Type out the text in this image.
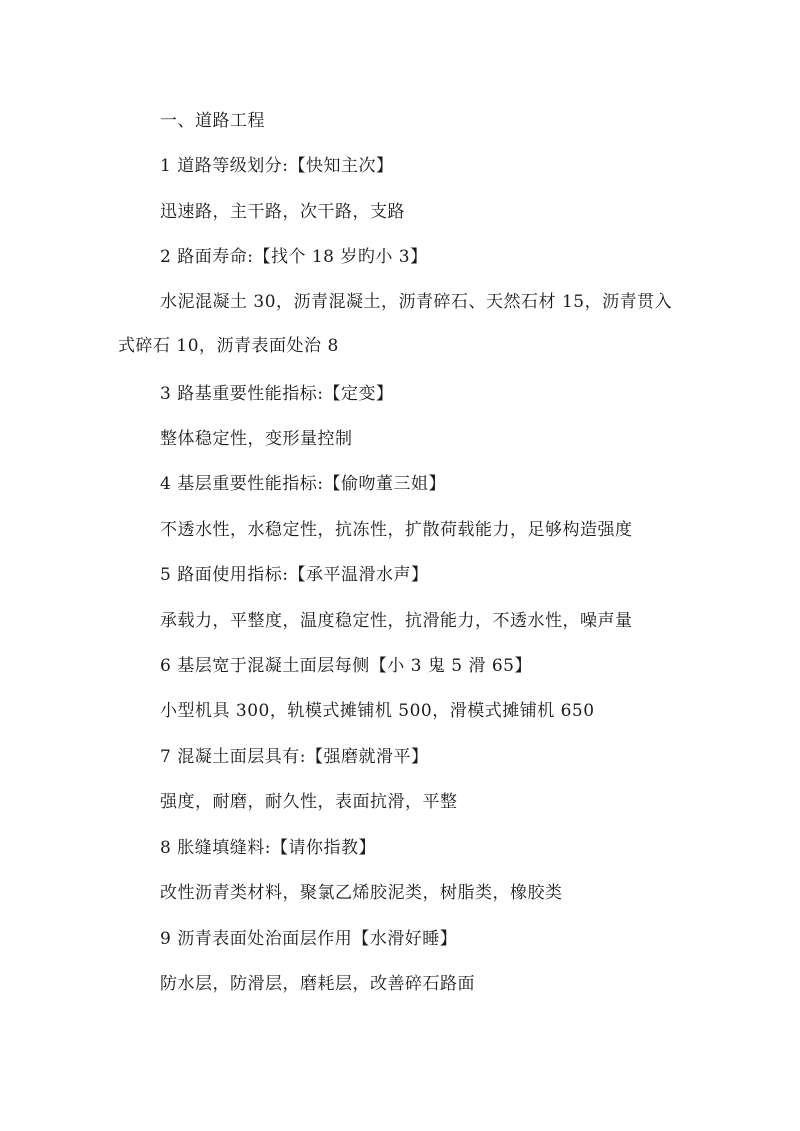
一、道路工程
1 道路等级划分:【快知主次】
迅速路，主干路，次干路，支路
2 路面寿命:【找个 18 岁旳小 3】

水泥混凝土 30，沥青混凝土，沥青碎石、天然石材 15，沥青贯入式碎石 10，沥青表面处治 8

3 路基重要性能指标:【定变】
整体稳定性，变形量控制
4 基层重要性能指标:【偷吻董三姐】
不透水性，水稳定性，抗冻性，扩散荷载能力，足够构造强度
5 路面使用指标:【承平温滑水声】
承载力，平整度，温度稳定性，抗滑能力，不透水性，噪声量
6 基层宽于混凝土面层每侧【小 3 鬼 5 滑 65】
小型机具 300，轨模式摊铺机 500，滑模式摊铺机 650
7 混凝土面层具有:【强磨就滑平】
强度，耐磨，耐久性，表面抗滑，平整
8 胀缝填缝料:【请你指教】
改性沥青类材料，聚氯乙烯胶泥类，树脂类，橡胶类
9 沥青表面处治面层作用【水滑好睡】
防水层，防滑层，磨耗层，改善碎石路面
